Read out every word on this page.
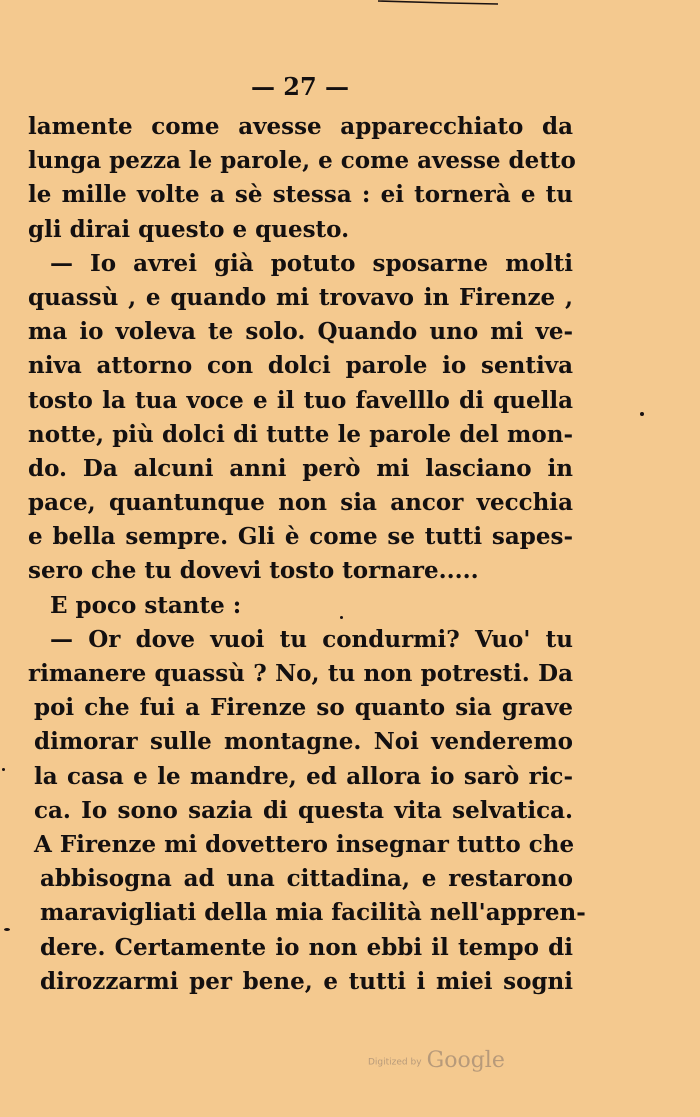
— 27 —
lamente come avesse apparecchiato da
lunga pezza le parole, e come avesse detto
le mille volte a sè stessa : ei tornerà e tu
gli dirai questo e questo.
— Io avrei già potuto sposarne molti
quassù , e quando mi trovavo in Firenze ,
ma io voleva te solo. Quando uno mi ve-
niva attorno con dolci parole io sentiva
tosto la tua voce e il tuo favelllo di quella
notte, più dolci di tutte le parole del mon-
do. Da alcuni anni però mi lasciano in
pace, quantunque non sia ancor vecchia
e bella sempre. Gli è come se tutti sapes-
sero che tu dovevi tosto tornare.....
E poco stante :
— Or dove vuoi tu condurmi? Vuo' tu
rimanere quassù ? No, tu non potresti. Da
poi che fui a Firenze so quanto sia grave
dimorar sulle montagne. Noi venderemo
la casa e le mandre, ed allora io sarò ric-
ca. Io sono sazia di questa vita selvatica.
A Firenze mi dovettero insegnar tutto che
abbisogna ad una cittadina, e restarono
maravigliati della mia facilità nell'appren-
dere. Certamente io non ebbi il tempo di
dirozzarmi per bene, e tutti i miei sogni
Digitized by Google
